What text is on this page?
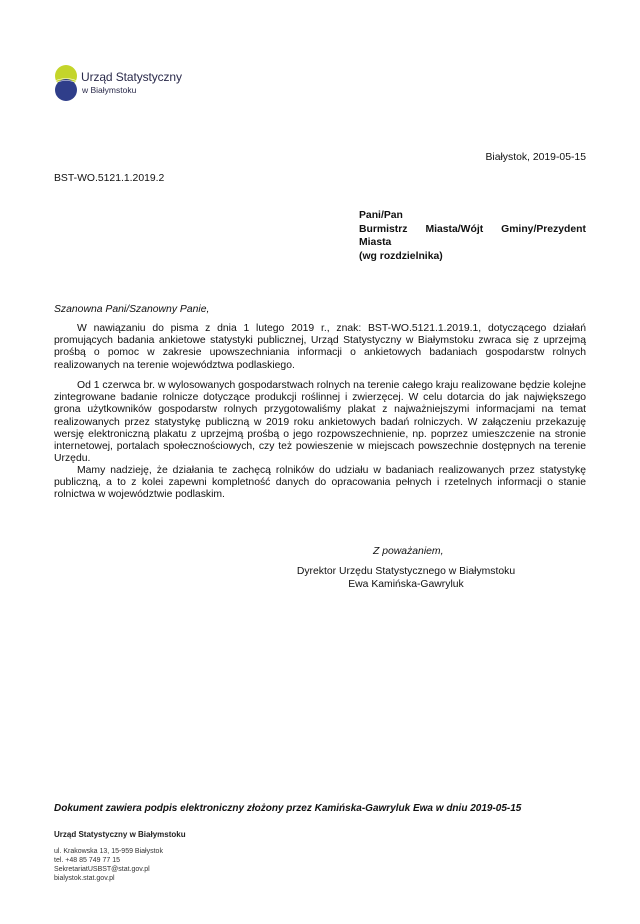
Urząd Statystyczny
w Białymstoku
Białystok, 2019-05-15
BST-WO.5121.1.2019.2
Pani/Pan
Burmistrz Miasta/Wójt Gminy/Prezydent
Miasta
(wg rozdzielnika)
Szanowna Pani/Szanowny Panie,

W nawiązaniu do pisma z dnia 1 lutego 2019 r., znak: BST-WO.5121.1.2019.1, dotyczącego działań promujących badania ankietowe statystyki publicznej, Urząd Statystyczny w Białymstoku zwraca się z uprzejmą prośbą o pomoc w zakresie upowszechniania informacji o ankietowych badaniach gospodarstw rolnych realizowanych na terenie województwa podlaskiego.

Od 1 czerwca br. w wylosowanych gospodarstwach rolnych na terenie całego kraju realizowane będzie kolejne zintegrowane badanie rolnicze dotyczące produkcji roślinnej i zwierzęcej. W celu dotarcia do jak największego grona użytkowników gospodarstw rolnych przygotowaliśmy plakat z najważniejszymi informacjami na temat realizowanych przez statystykę publiczną w 2019 roku ankietowych badań rolniczych. W załączeniu przekazuję wersję elektroniczną plakatu z uprzejmą prośbą o jego rozpowszechnienie, np. poprzez umieszczenie na stronie internetowej, portalach społecznościowych, czy też powieszenie w miejscach powszechnie dostępnych na terenie Urzędu.

Mamy nadzieję, że działania te zachęcą rolników do udziału w badaniach realizowanych przez statystykę publiczną, a to z kolei zapewni kompletność danych do opracowania pełnych i rzetelnych informacji o stanie rolnictwa w województwie podlaskim.

Z poważaniem,
Dyrektor Urzędu Statystycznego w Białymstoku
Ewa Kamińska-Gawryluk
Dokument zawiera podpis elektroniczny złożony przez Kamińska-Gawryluk Ewa w dniu 2019-05-15
Urząd Statystyczny w Białymstoku
ul. Krakowska 13, 15-959 Białystok
tel. +48 85 749 77 15
SekretariatUSBST@stat.gov.pl
bialystok.stat.gov.pl
